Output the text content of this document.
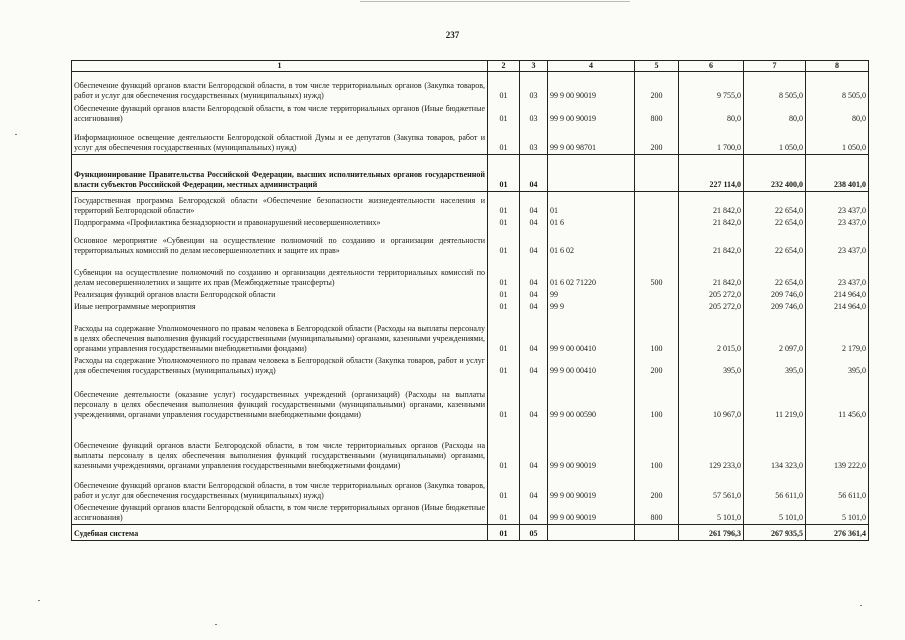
237
1	2	3	4	5	6	7	8
Обеспечение функций органов власти Белгородской области, в том числе территориальных органов (Закупка товаров, работ и услуг для обеспечения государственных (муниципальных) нужд)	01	03	99 9 00 90019	200	9 755,0	8 505,0	8 505,0
Обеспечение функций органов власти Белгородской области, в том числе территориальных органов (Иные бюджетные ассигнования)	01	03	99 9 00 90019	800	80,0	80,0	80,0
Информационное освещение деятельности Белгородской областной Думы и ее депутатов (Закупка товаров, работ и услуг для обеспечения государственных (муниципальных) нужд)	01	03	99 9 00 98701	200	1 700,0	1 050,0	1 050,0
Функционирование Правительства Российской Федерации, высших исполнительных органов государственной власти субъектов Российской Федерации, местных администраций	01	04			227 114,0	232 400,0	238 401,0
Государственная программа Белгородской области «Обеспечение безопасности жизнедеятельности населения и территорий Белгородской области»	01	04	01		21 842,0	22 654,0	23 437,0
Подпрограмма «Профилактика безнадзорности и правонарушений несовершеннолетних»	01	04	01 6		21 842,0	22 654,0	23 437,0
Основное мероприятие «Субвенции на осуществление полномочий по созданию и организации деятельности территориальных комиссий по делам несовершеннолетних и защите их прав»	01	04	01 6 02		21 842,0	22 654,0	23 437,0
Субвенции на осуществление полномочий по созданию и организации деятельности территориальных комиссий по делам несовершеннолетних и защите их прав (Межбюджетные трансферты)	01	04	01 6 02 71220	500	21 842,0	22 654,0	23 437,0
Реализация функций органов власти Белгородской области	01	04	99		205 272,0	209 746,0	214 964,0
Иные непрограммные мероприятия	01	04	99 9		205 272,0	209 746,0	214 964,0
Расходы на содержание Уполномоченного по правам человека в Белгородской области (Расходы на выплаты персоналу в целях обеспечения выполнения функций государственными (муниципальными) органами, казенными учреждениями, органами управления государственными внебюджетными фондами)	01	04	99 9 00 00410	100	2 015,0	2 097,0	2 179,0
Расходы на содержание Уполномоченного по правам человека в Белгородской области (Закупка товаров, работ и услуг для обеспечения государственных (муниципальных) нужд)	01	04	99 9 00 00410	200	395,0	395,0	395,0
Обеспечение деятельности (оказание услуг) государственных учреждений (организаций) (Расходы на выплаты персоналу в целях обеспечения выполнения функций государственными (муниципальными) органами, казенными учреждениями, органами управления государственными внебюджетными фондами)	01	04	99 9 00 00590	100	10 967,0	11 219,0	11 456,0
Обеспечение функций органов власти Белгородской области, в том числе территориальных органов (Расходы на выплаты персоналу в целях обеспечения выполнения функций государственными (муниципальными) органами, казенными учреждениями, органами управления государственными внебюджетными фондами)	01	04	99 9 00 90019	100	129 233,0	134 323,0	139 222,0
Обеспечение функций органов власти Белгородской области, в том числе территориальных органов (Закупка товаров, работ и услуг для обеспечения государственных (муниципальных) нужд)	01	04	99 9 00 90019	200	57 561,0	56 611,0	56 611,0
Обеспечение функций органов власти Белгородской области, в том числе территориальных органов (Иные бюджетные ассигнования)	01	04	99 9 00 90019	800	5 101,0	5 101,0	5 101,0
Судебная система	01	05			261 796,3	267 935,5	276 361,4
